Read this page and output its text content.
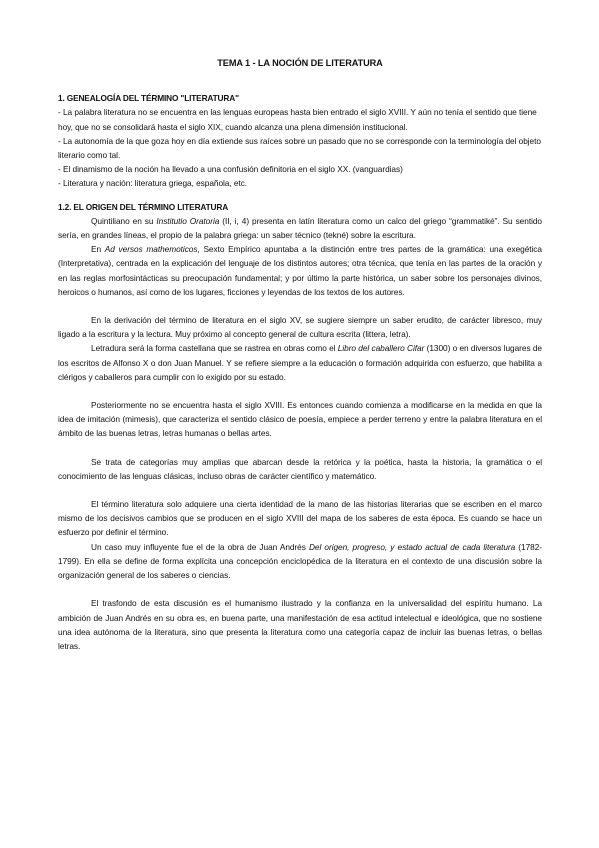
TEMA 1 - LA NOCIÓN DE LITERATURA
1. GENEALOGÍA DEL TÉRMINO "LITERATURA"

- La palabra literatura no se encuentra en las lenguas europeas hasta bien entrado el siglo XVIII. Y aún no tenía el sentido que tiene hoy, que no se consolidará hasta el siglo XIX, cuando alcanza una plena dimensión institucional.

- La autonomía de la que goza hoy en día extiende sus raíces sobre un pasado que no se corresponde con la terminología del objeto literario como tal.

- El dinamismo de la noción ha llevado a una confusión definitoria en el siglo XX. (vanguardias)

- Literatura y nación: literatura griega, española, etc.

1.2. EL ORIGEN DEL TÉRMINO LITERATURA

Quintiliano en su Institutio Oratoria (II, i, 4) presenta en latín literatura como un calco del griego “grammatiké”. Su sentido sería, en grandes líneas, el propio de la palabra griega: un saber técnico (tekné) sobre la escritura.

En Ad versos mathemoticos, Sexto Empírico apuntaba a la distinción entre tres partes de la gramática: una exegética (Interpretativa), centrada en la explicación del lenguaje de los distintos autores; otra técnica, que tenía en las partes de la oración y en las reglas morfosintácticas su preocupación fundamental; y por último la parte histórica, un saber sobre los personajes divinos, heroicos o humanos, así como de los lugares, ficciones y leyendas de los textos de los autores.

En la derivación del término de literatura en el siglo XV, se sugiere siempre un saber erudito, de carácter libresco, muy ligado a la escritura y la lectura. Muy próximo al concepto general de cultura escrita (littera, letra).

Letradura será la forma castellana que se rastrea en obras como el Libro del caballero Cifar (1300) o en diversos lugares de los escritos de Alfonso X o don Juan Manuel. Y se refiere siempre a la educación o formación adquirida con esfuerzo, que habilita a clérigos y caballeros para cumplir con lo exigido por su estado.

Posteriormente no se encuentra hasta el siglo XVIII. Es entonces cuando comienza a modificarse en la medida en que la idea de imitación (mimesis), que caracteriza el sentido clásico de poesía, empiece a perder terreno y entre la palabra literatura en el ámbito de las buenas letras, letras humanas o bellas artes.

Se trata de categorías muy amplias que abarcan desde la retórica y la poética, hasta la historia, la gramática o el conocimiento de las lenguas clásicas, incluso obras de carácter científico y matemático.

El término literatura solo adquiere una cierta identidad de la mano de las historias literarias que se escriben en el marco mismo de los decisivos cambios que se producen en el siglo XVIII del mapa de los saberes de esta época. Es cuando se hace un esfuerzo por definir el término.

Un caso muy influyente fue el de la obra de Juan Andrés Del origen, progreso, y estado actual de cada literatura (1782-1799). En ella se define de forma explícita una concepción enciclopédica de la literatura en el contexto de una discusión sobre la organización general de los saberes o ciencias.

El trasfondo de esta discusión es el humanismo ilustrado y la confianza en la universalidad del espíritu humano. La ambición de Juan Andrés en su obra es, en buena parte, una manifestación de esa actitud intelectual e ideológica, que no sostiene una idea autónoma de la literatura, sino que presenta la literatura como una categoría capaz de incluir las buenas letras, o bellas letras.
